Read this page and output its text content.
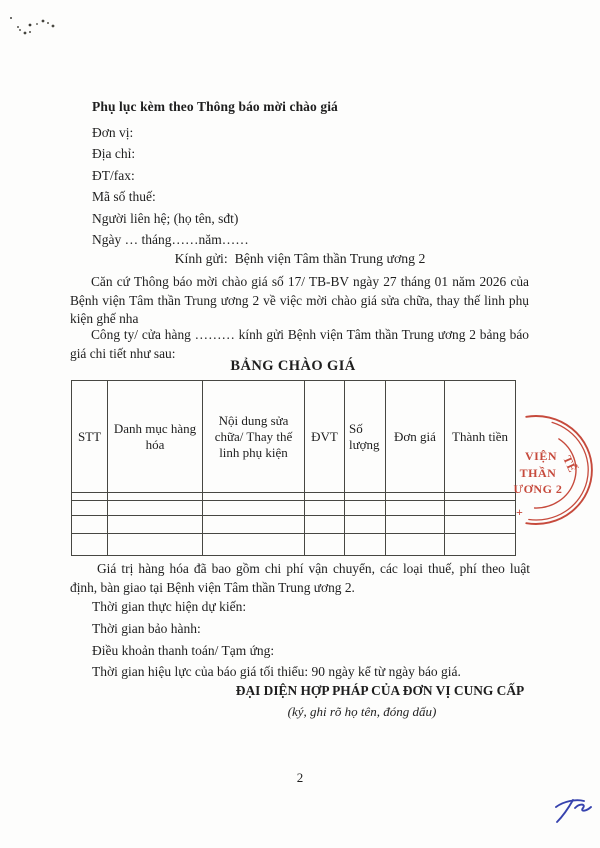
Phụ lục kèm theo Thông báo mời chào giá
Đơn vị:
Địa chỉ:
ĐT/fax:
Mã số thuế:
Người liên hệ; (họ tên, sđt)
Ngày … tháng……năm……
Kính gửi:  Bệnh viện Tâm thần Trung ương 2

Căn cứ Thông báo mời chào giá số 17/ TB-BV ngày 27 tháng 01 năm 2026 của Bệnh viện Tâm thần Trung ương 2 về việc mời chào giá sửa chữa, thay thế linh phụ kiện ghế nha

Công ty/ cửa hàng ……… kính gửi Bệnh viện Tâm thần Trung ương 2 bảng báo giá chi tiết như sau:

BẢNG CHÀO GIÁ
STT	Danh mục hàng hóa	Nội dung sửa chữa/ Thay thế linh phụ kiện	ĐVT	Số lượng	Đơn giá	Thành tiền

Giá trị hàng hóa đã bao gồm chi phí vận chuyển, các loại thuế, phí theo luật định, bàn giao tại Bệnh viện Tâm thần Trung ương 2.

Thời gian thực hiện dự kiến:
Thời gian bảo hành:
Điều khoản thanh toán/ Tạm ứng:
Thời gian hiệu lực của báo giá tối thiểu: 90 ngày kể từ ngày báo giá.
ĐẠI DIỆN HỢP PHÁP CỦA ĐƠN VỊ CUNG CẤP
(ký, ghi rõ họ tên, đóng dấu)
2
VIỆN
THẦN
ƯƠNG 2
TẾ
+
